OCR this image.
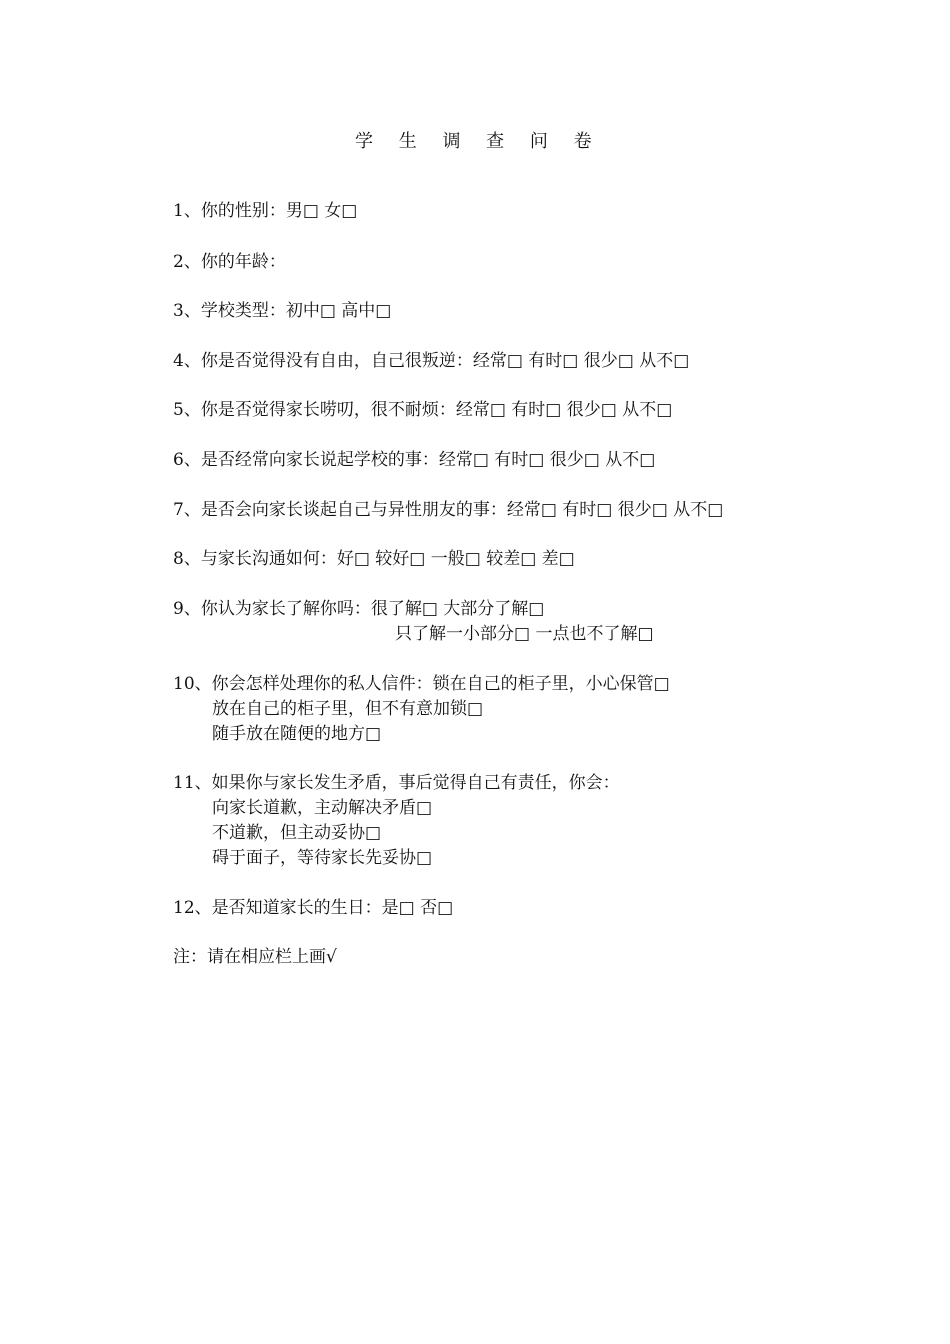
学 生 调 查 问 卷
1、你的性别：男□ 女□
2、你的年龄：
3、学校类型：初中□ 高中□
4、你是否觉得没有自由，自己很叛逆：经常□ 有时□ 很少□ 从不□
5、你是否觉得家长唠叨，很不耐烦：经常□ 有时□ 很少□ 从不□
6、是否经常向家长说起学校的事：经常□ 有时□ 很少□ 从不□
7、是否会向家长谈起自己与异性朋友的事：经常□ 有时□ 很少□ 从不□
8、与家长沟通如何：好□ 较好□ 一般□ 较差□ 差□
9、你认为家长了解你吗：很了解□ 大部分了解□
只了解一小部分□ 一点也不了解□
10、你会怎样处理你的私人信件：锁在自己的柜子里，小心保管□
放在自己的柜子里，但不有意加锁□
随手放在随便的地方□
11、如果你与家长发生矛盾，事后觉得自己有责任，你会：
向家长道歉，主动解决矛盾□
不道歉，但主动妥协□
碍于面子，等待家长先妥协□
12、是否知道家长的生日：是□ 否□
注：请在相应栏上画√
